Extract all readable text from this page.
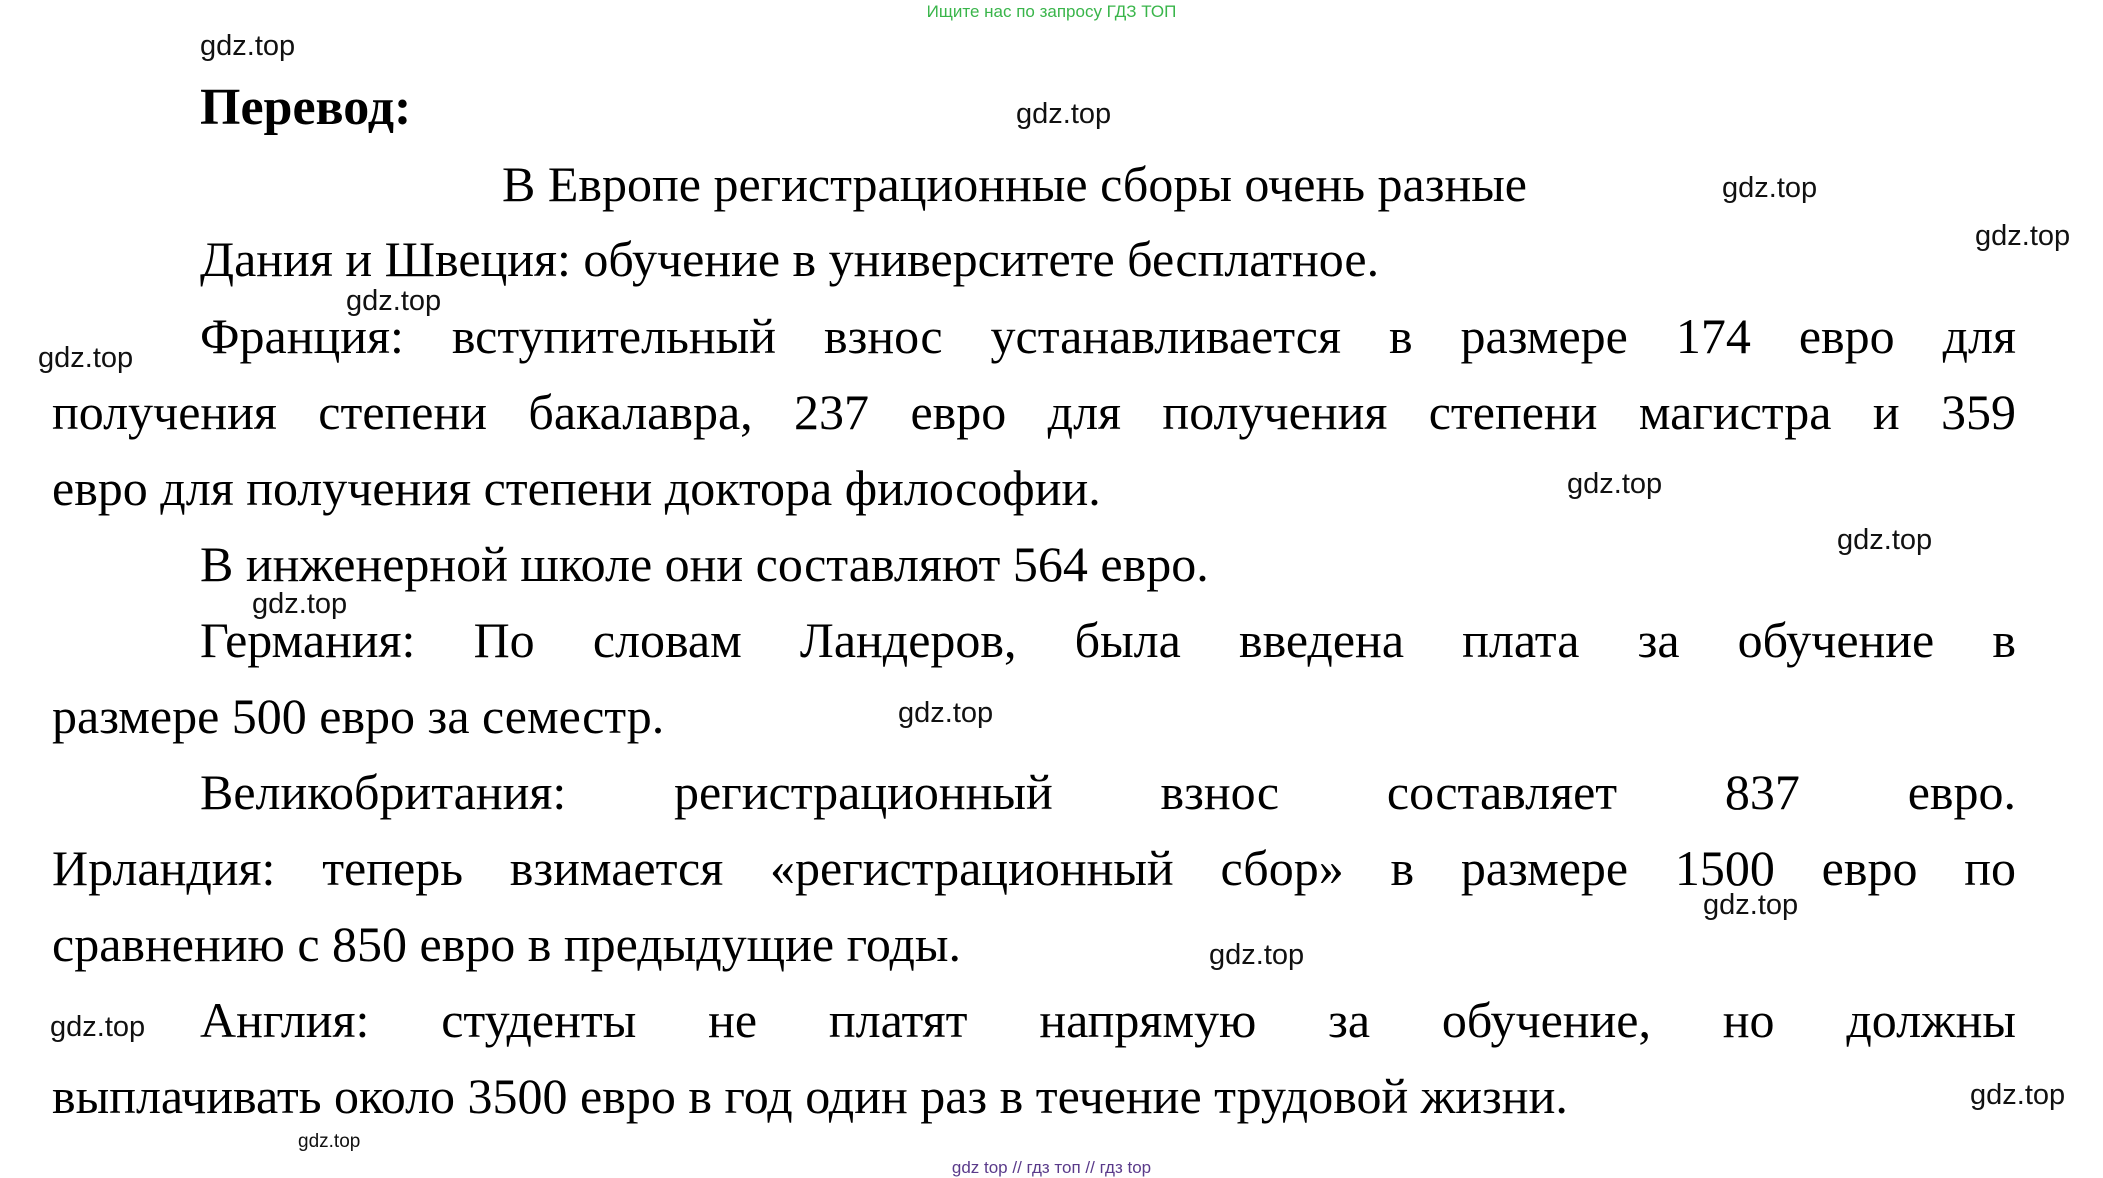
Ищите нас по запросу ГДЗ ТОП
Перевод:
В Европе регистрационные сборы очень разные
Дания и Швеция: обучение в университете бесплатное.
Франция: вступительный взнос устанавливается в размере 174 евро для
получения степени бакалавра, 237 евро для получения степени магистра и 359
евро для получения степени доктора философии.
В инженерной школе они составляют 564 евро.
Германия: По словам Ландеров, была введена плата за обучение в
размере 500 евро за семестр.
Великобритания: регистрационный взнос составляет 837 евро.
Ирландия: теперь взимается «регистрационный сбор» в размере 1500 евро по
сравнению с 850 евро в предыдущие годы.
Англия: студенты не платят напрямую за обучение, но должны
выплачивать около 3500 евро в год один раз в течение трудовой жизни.
gdz.top
gdz.top
gdz.top
gdz.top
gdz.top
gdz.top
gdz.top
gdz.top
gdz.top
gdz.top
gdz.top
gdz.top
gdz.top
gdz.top
gdz.top
gdz top // гдз топ // гдз top
